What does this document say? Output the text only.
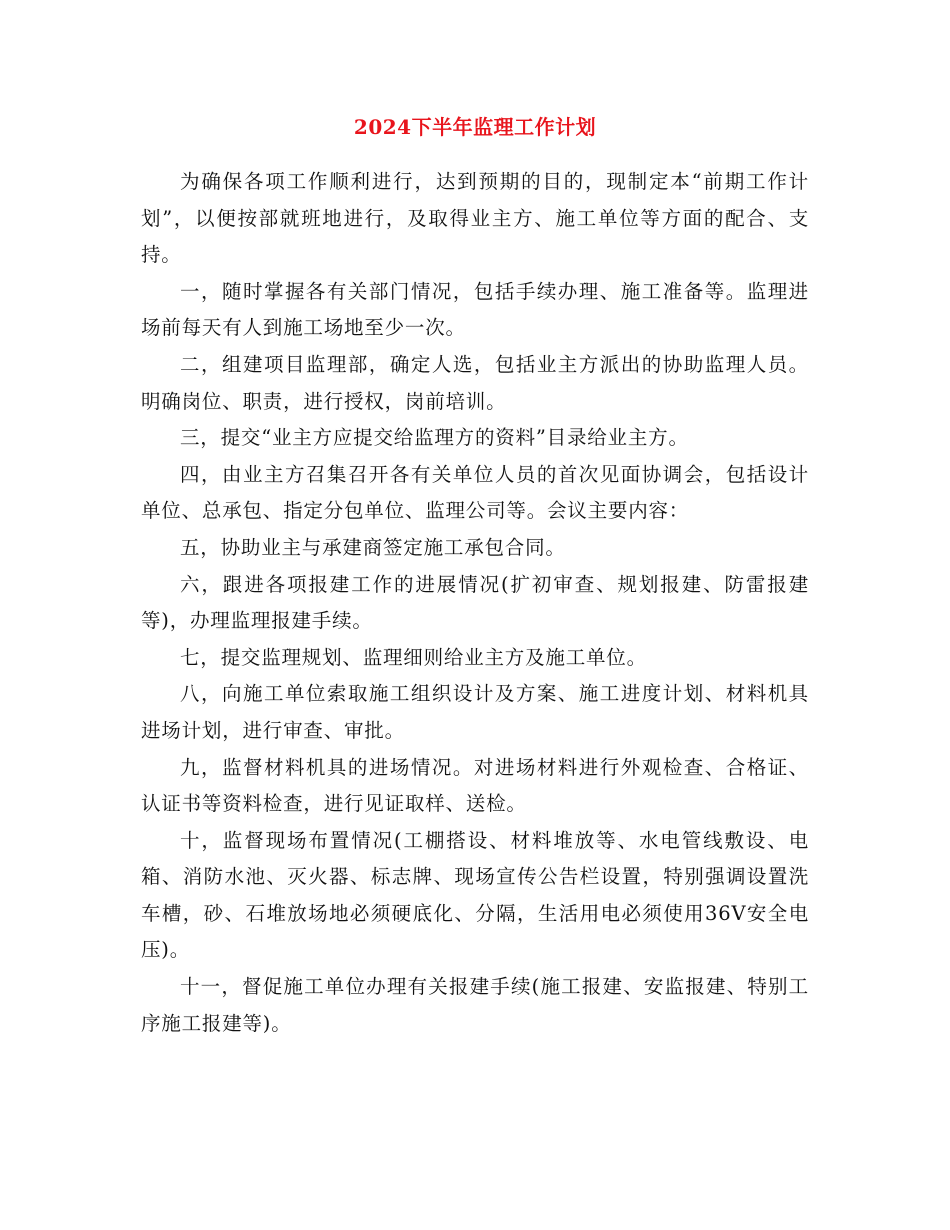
2024下半年监理工作计划

为确保各项工作顺利进行，达到预期的目的，现制定本“前期工作计划”，以便按部就班地进行，及取得业主方、施工单位等方面的配合、支持。

一，随时掌握各有关部门情况，包括手续办理、施工准备等。监理进场前每天有人到施工场地至少一次。

二，组建项目监理部，确定人选，包括业主方派出的协助监理人员。明确岗位、职责，进行授权，岗前培训。

三，提交“业主方应提交给监理方的资料”目录给业主方。

四，由业主方召集召开各有关单位人员的首次见面协调会，包括设计单位、总承包、指定分包单位、监理公司等。会议主要内容：

五，协助业主与承建商签定施工承包合同。

六，跟进各项报建工作的进展情况(扩初审查、规划报建、防雷报建等)，办理监理报建手续。

七，提交监理规划、监理细则给业主方及施工单位。

八，向施工单位索取施工组织设计及方案、施工进度计划、材料机具进场计划，进行审查、审批。

九，监督材料机具的进场情况。对进场材料进行外观检查、合格证、认证书等资料检查，进行见证取样、送检。

十，监督现场布置情况(工棚搭设、材料堆放等、水电管线敷设、电箱、消防水池、灭火器、标志牌、现场宣传公告栏设置，特别强调设置洗车槽，砂、石堆放场地必须硬底化、分隔，生活用电必须使用36V安全电压)。

十一，督促施工单位办理有关报建手续(施工报建、安监报建、特别工序施工报建等)。
